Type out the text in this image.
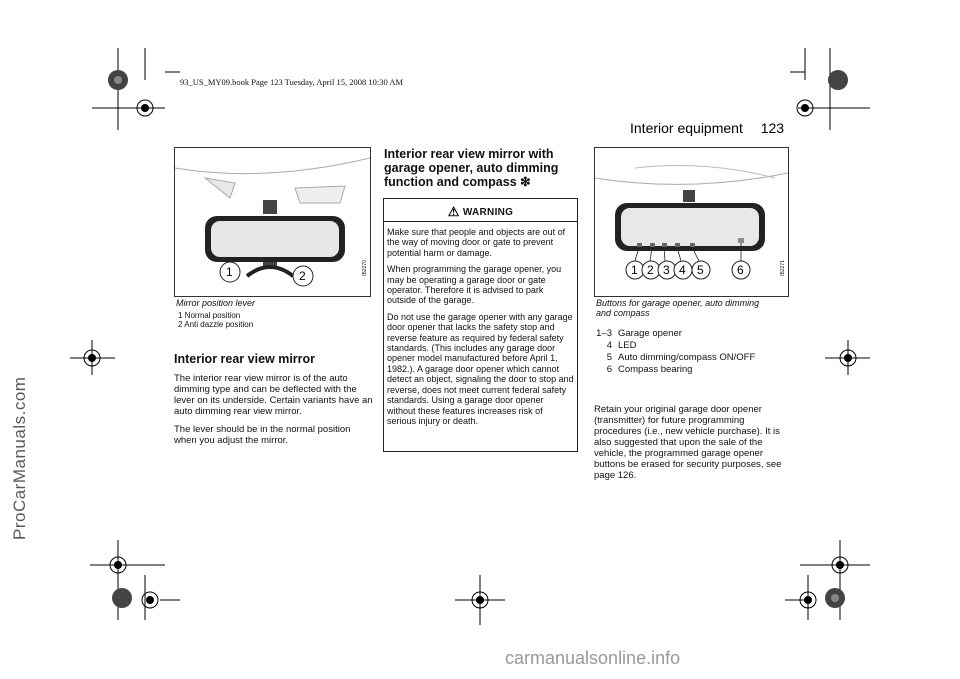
93_US_MY09.book Page 123 Tuesday, April 15, 2008 10:30 AM
ProCarManuals.com
Interior equipment 123
1	2
IB2270
Mirror position lever
1 Normal position
2 Anti dazzle position
Interior rear view mirror

The interior rear view mirror is of the auto dimming type and can be deflected with the lever on its underside. Certain variants have an auto dimming rear view mirror.

The lever should be in the normal position when you adjust the mirror.

Interior rear view mirror with
garage opener, auto dimming
function and compass ❇
⚠ WARNING

Make sure that people and objects are out of the way of moving door or gate to prevent potential harm or damage.

When programming the garage opener, you may be operating a garage door or gate operator. Therefore it is advised to park outside of the garage.

Do not use the garage opener with any garage door opener that lacks the safety stop and reverse feature as required by federal safety standards. (This includes any garage door opener model manufactured before April 1, 1982.). A garage door opener which cannot detect an object, signaling the door to stop and reverse, does not meet current federal safety standards. Using a garage door opener without these features increases risk of serious injury or death.

1 2 3 4 5	6	IB2271
Buttons for garage opener, auto dimming
and compass
1–3 Garage opener
4 LED
5 Auto dimming/compass ON/OFF
6 Compass bearing

Retain your original garage door opener (transmitter) for future programming procedures (i.e., new vehicle purchase). It is also suggested that upon the sale of the vehicle, the programmed garage opener buttons be erased for security purposes, see page 126.

carmanualsonline.info
